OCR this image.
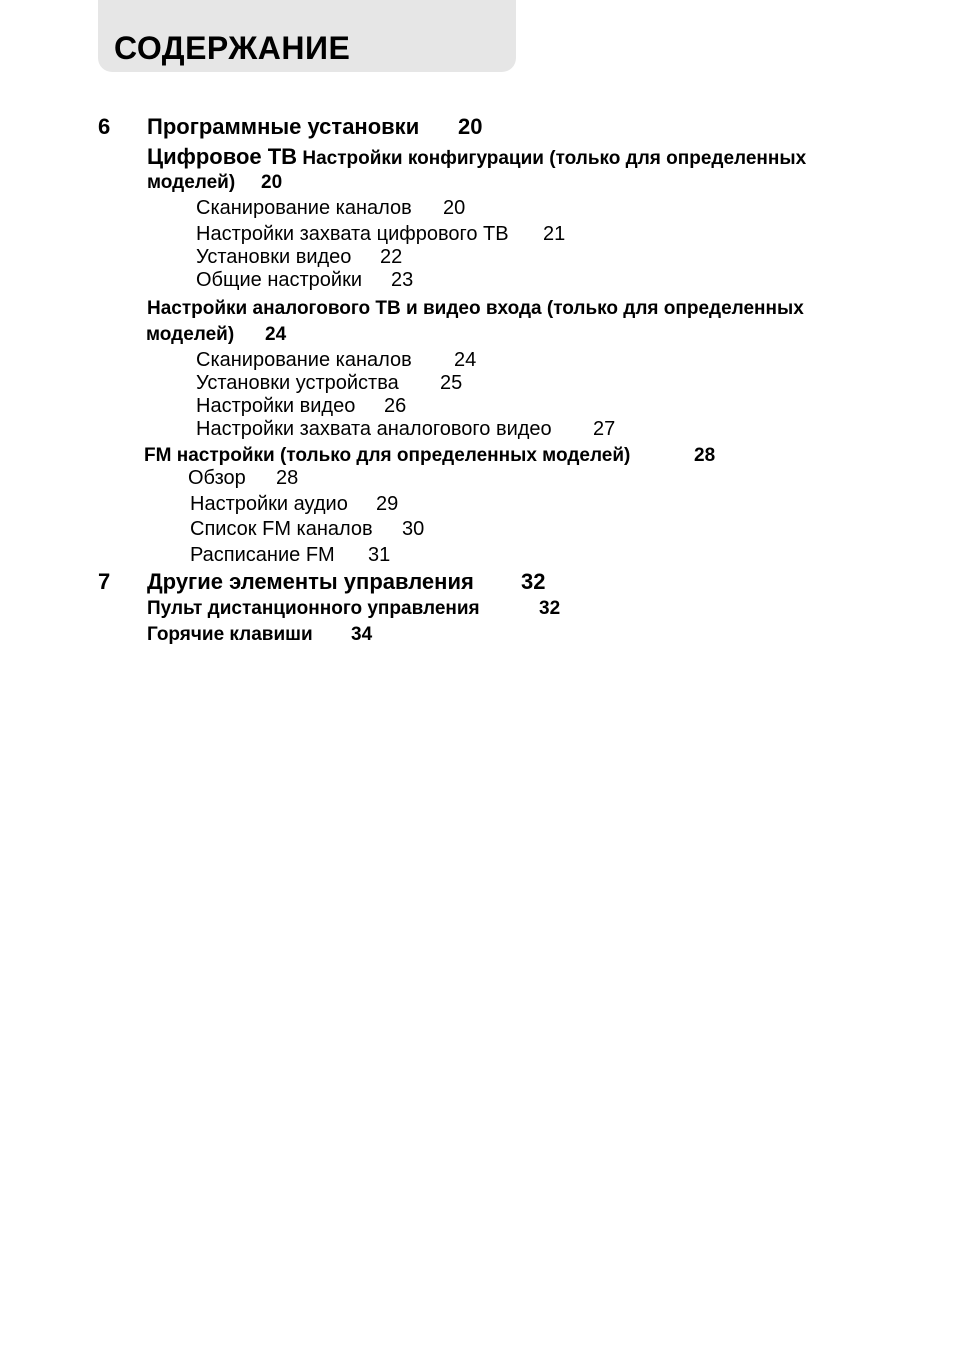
СОДЕРЖАНИЕ
6 Программные установки 20
Цифровое ТВ Настройки конфигурации (только для определенных
моделей) 20
Сканирование каналов 20
Настройки захвата цифрового ТВ 21
Установки видео 22
Общие настройки 23
Настройки аналогового ТВ и видео входа (только для определенных
моделей) 24
Сканирование каналов 24
Установки устройства 25
Настройки видео 26
Настройки захвата аналогового видео 27
FM настройки (только для определенных моделей)	28
Обзор 28
Настройки аудио 29
Список FM каналов 30
Расписание FM 31
7 Другие элементы управления 32
Пульт дистанционного управления	32
Горячие клавиши 34
